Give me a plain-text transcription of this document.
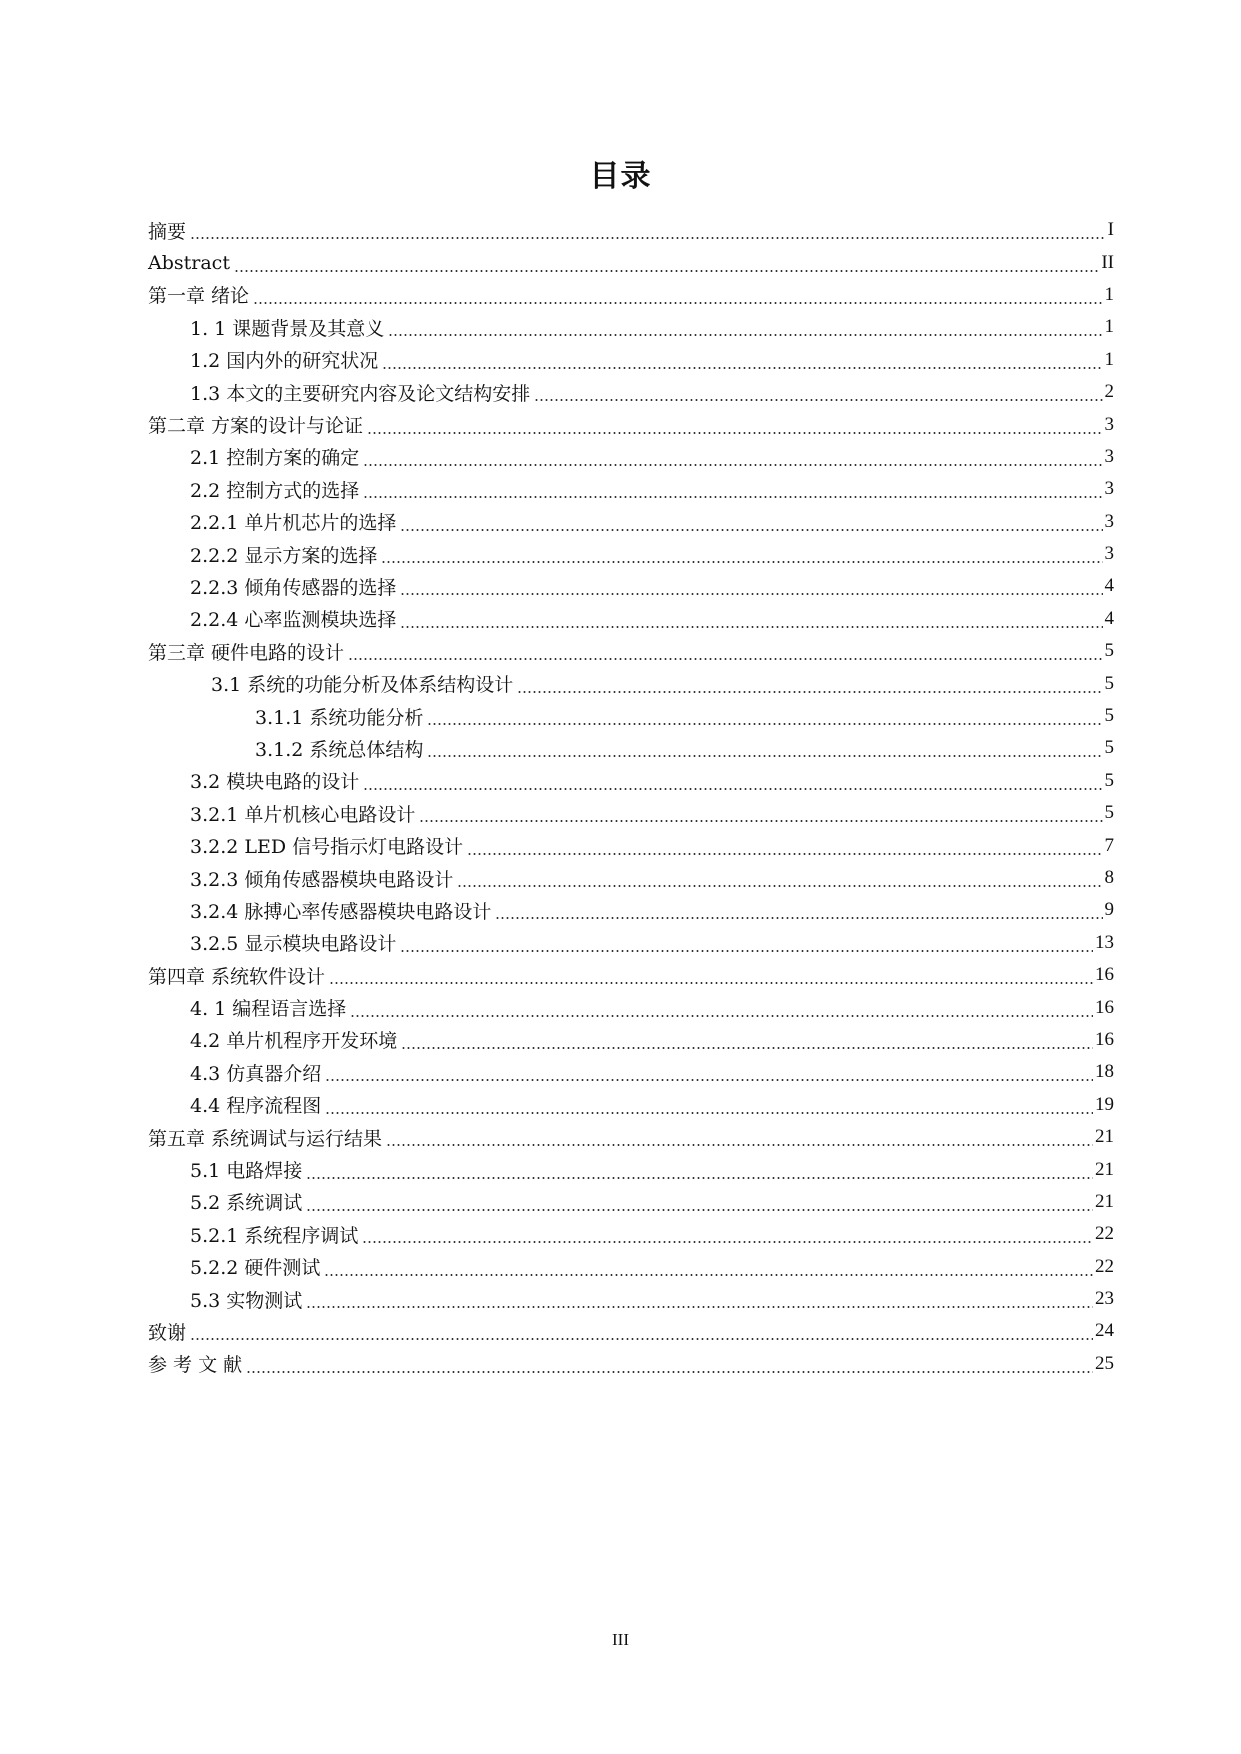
目录
摘要	I
Abstract	II
第一章 绪论	1
1. 1 课题背景及其意义	1
1.2 国内外的研究状况	1
1.3 本文的主要研究内容及论文结构安排	2
第二章 方案的设计与论证	3
2.1 控制方案的确定	3
2.2 控制方式的选择	3
2.2.1 单片机芯片的选择	3
2.2.2 显示方案的选择	3
2.2.3 倾角传感器的选择	4
2.2.4 心率监测模块选择	4
第三章 硬件电路的设计	5
3.1 系统的功能分析及体系结构设计	5
3.1.1 系统功能分析	5
3.1.2 系统总体结构	5
3.2 模块电路的设计	5
3.2.1 单片机核心电路设计	5
3.2.2 LED 信号指示灯电路设计	7
3.2.3 倾角传感器模块电路设计	8
3.2.4 脉搏心率传感器模块电路设计	9
3.2.5 显示模块电路设计	13
第四章 系统软件设计	16
4. 1 编程语言选择	16
4.2 单片机程序开发环境	16
4.3 仿真器介绍	18
4.4 程序流程图	19
第五章 系统调试与运行结果	21
5.1 电路焊接	21
5.2 系统调试	21
5.2.1 系统程序调试	22
5.2.2 硬件测试	22
5.3 实物测试	23
致谢	24
参 考 文 献	25
III
